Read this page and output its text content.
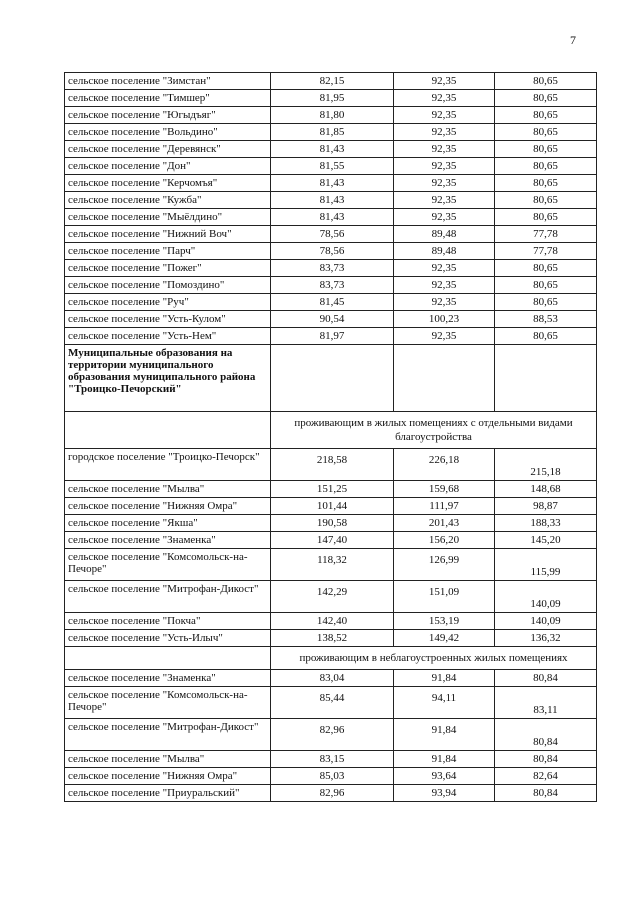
7
сельское поселение "Зимстан"	82,15	92,35	80,65
сельское поселение "Тимшер"	81,95	92,35	80,65
сельское поселение "Югыдъяг"	81,80	92,35	80,65
сельское поселение "Вольдино"	81,85	92,35	80,65
сельское поселение "Деревянск"	81,43	92,35	80,65
сельское поселение "Дон"	81,55	92,35	80,65
сельское поселение "Керчомъя"	81,43	92,35	80,65
сельское поселение "Кужба"	81,43	92,35	80,65
сельское поселение "Мыёлдино"	81,43	92,35	80,65
сельское поселение "Нижний Воч"	78,56	89,48	77,78
сельское поселение "Парч"	78,56	89,48	77,78
сельское поселение "Пожег"	83,73	92,35	80,65
сельское поселение "Помоздино"	83,73	92,35	80,65
сельское поселение "Руч"	81,45	92,35	80,65
сельское поселение "Усть-Кулом"	90,54	100,23	88,53
сельское поселение "Усть-Нем"	81,97	92,35	80,65
Муниципальные образования на территории муниципального образования муниципального района "Троицко-Печорский"			
	проживающим в жилых помещениях с отдельными видами благоустройства		
городское поселение "Троицко-Печорск"	218,58	226,18	215,18
сельское поселение "Мылва"	151,25	159,68	148,68
сельское поселение "Нижняя Омра"	101,44	111,97	98,87
сельское поселение "Якша"	190,58	201,43	188,33
сельское поселение "Знаменка"	147,40	156,20	145,20
сельское поселение "Комсомольск-на-Печоре"	118,32	126,99	115,99
сельское поселение "Митрофан-Дикост"	142,29	151,09	140,09
сельское поселение "Покча"	142,40	153,19	140,09
сельское поселение "Усть-Илыч"	138,52	149,42	136,32
	проживающим в неблагоустроенных жилых помещениях		
сельское поселение "Знаменка"	83,04	91,84	80,84
сельское поселение "Комсомольск-на-Печоре"	85,44	94,11	83,11
сельское поселение "Митрофан-Дикост"	82,96	91,84	80,84
сельское поселение "Мылва"	83,15	91,84	80,84
сельское поселение "Нижняя Омра"	85,03	93,64	82,64
сельское поселение "Приуральский"	82,96	93,94	80,84
